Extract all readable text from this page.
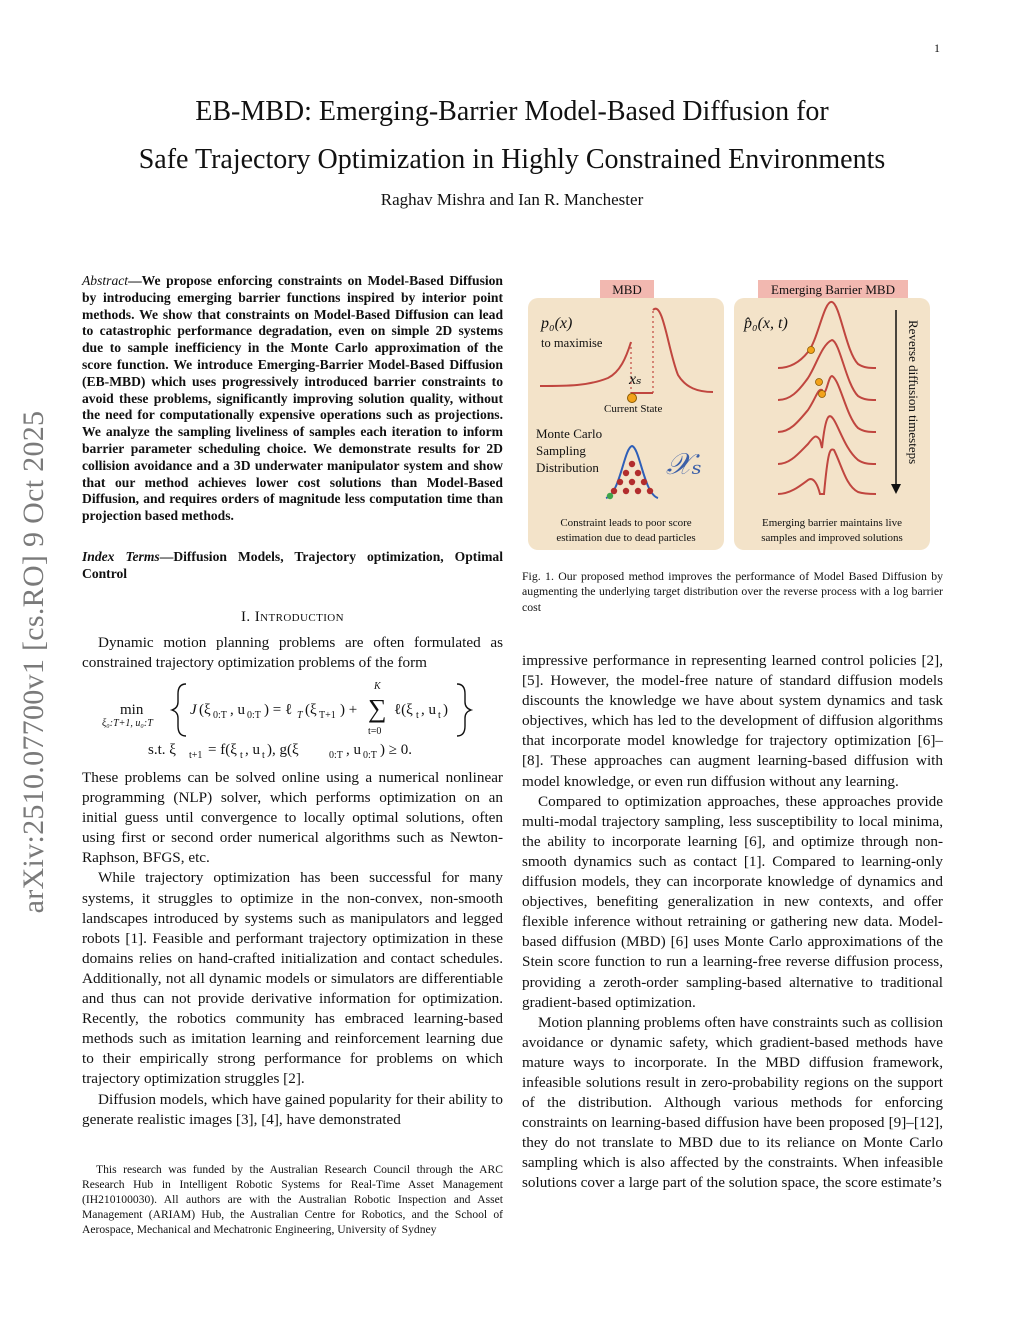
1
EB-MBD: Emerging-Barrier Model-Based Diffusion for
Safe Trajectory Optimization in Highly Constrained Environments
Raghav Mishra and Ian R. Manchester
arXiv:2510.07700v1 [cs.RO] 9 Oct 2025
Abstract—We propose enforcing constraints on Model-Based Diffusion by introducing emerging barrier functions inspired by interior point methods. We show that constraints on Model-Based Diffusion can lead to catastrophic performance degradation, even on simple 2D systems due to sample inefficiency in the Monte Carlo approximation of the score function. We introduce Emerging-Barrier Model-Based Diffusion (EB-MBD) which uses progressively introduced barrier constraints to avoid these problems, significantly improving solution quality, without the need for computationally expensive operations such as projections. We analyze the sampling liveliness of samples each iteration to inform barrier parameter scheduling choice. We demonstrate results for 2D collision avoidance and a 3D underwater manipulator system and show that our method achieves lower cost solutions than Model-Based Diffusion, and requires orders of magnitude less computation time than projection based methods.
Index Terms—Diffusion Models, Trajectory optimization, Optimal Control
I. Introduction

Dynamic motion planning problems are often formulated as constrained trajectory optimization problems of the form

min
ξ₀:T+1, u₀:T
J (ξ 0:T , u 0:T ) = ℓ T (ξ T+1 ) + ∑
K
t=0
ℓ(ξ t , u t )
s.t. ξ t+1 = f(ξ t , u t ), g(ξ	0:T , u 0:T ) ≥ 0.

These problems can be solved online using a numerical nonlinear programming (NLP) solver, which performs optimization on an initial guess until convergence to locally optimal solutions, often using first or second order numerical algorithms such as Newton-Raphson, BFGS, etc.

While trajectory optimization has been successful for many systems, it struggles to optimize in the non-convex, non-smooth landscapes introduced by systems such as manipulators and legged robots [1]. Feasible and performant trajectory optimization in these domains relies on hand-crafted initialization and contact schedules. Additionally, not all dynamic models or simulators are differentiable and thus can not provide derivative information for optimization. Recently, the robotics community has embraced learning-based methods such as imitation learning and reinforcement learning due to their empirically strong performance for problems on which trajectory optimization struggles [2].

Diffusion models, which have gained popularity for their ability to generate realistic images [3], [4], have demonstrated

This research was funded by the Australian Research Council through the ARC Research Hub in Intelligent Robotic Systems for Real-Time Asset Management (IH210100030). All authors are with the Australian Robotic Inspection and Asset Management (ARIAM) Hub, the Australian Centre for Robotics, and the School of Aerospace, Mechanical and Mechatronic Engineering, University of Sydney

MBD
p₀(x)
to maximise
xₛ
Current State
Monte Carlo
Sampling
Distribution 𝒳ₛ
Constraint leads to poor score
estimation due to dead particles
Emerging Barrier MBD
p̂₀(x, t)	Reverse diffusion timesteps
Emerging barrier maintains live
samples and improved solutions
Fig. 1. Our proposed method improves the performance of Model Based Diffusion by augmenting the underlying target distribution over the reverse process with a log barrier cost

impressive performance in representing learned control policies [2], [5]. However, the model-free nature of standard diffusion models discounts the knowledge we have about system dynamics and task objectives, which has led to the development of diffusion algorithms that incorporate model knowledge for trajectory optimization [6]–[8]. These approaches can augment learning-based diffusion with model knowledge, or even run diffusion without any learning.

Compared to optimization approaches, these approaches provide multi-modal trajectory sampling, less susceptibility to local minima, the ability to incorporate learning [6], and optimize through non-smooth dynamics such as contact [1]. Compared to learning-only diffusion models, they can incorporate knowledge of dynamics and objectives, benefiting generalization in new contexts, and offer flexible inference without retraining or gathering new data. Model-based diffusion (MBD) [6] uses Monte Carlo approximations of the Stein score function to run a learning-free reverse diffusion process, providing a zeroth-order sampling-based alternative to traditional gradient-based optimization.

Motion planning problems often have constraints such as collision avoidance or dynamic safety, which gradient-based methods have mature ways to incorporate. In the MBD diffusion framework, infeasible solutions result in zero-probability regions on the support of the distribution. Although various methods for enforcing constraints on learning-based diffusion have been proposed [9]–[12], they do not translate to MBD due to its reliance on Monte Carlo sampling which is also affected by the constraints. When infeasible solutions cover a large part of the solution space, the score estimate’s
